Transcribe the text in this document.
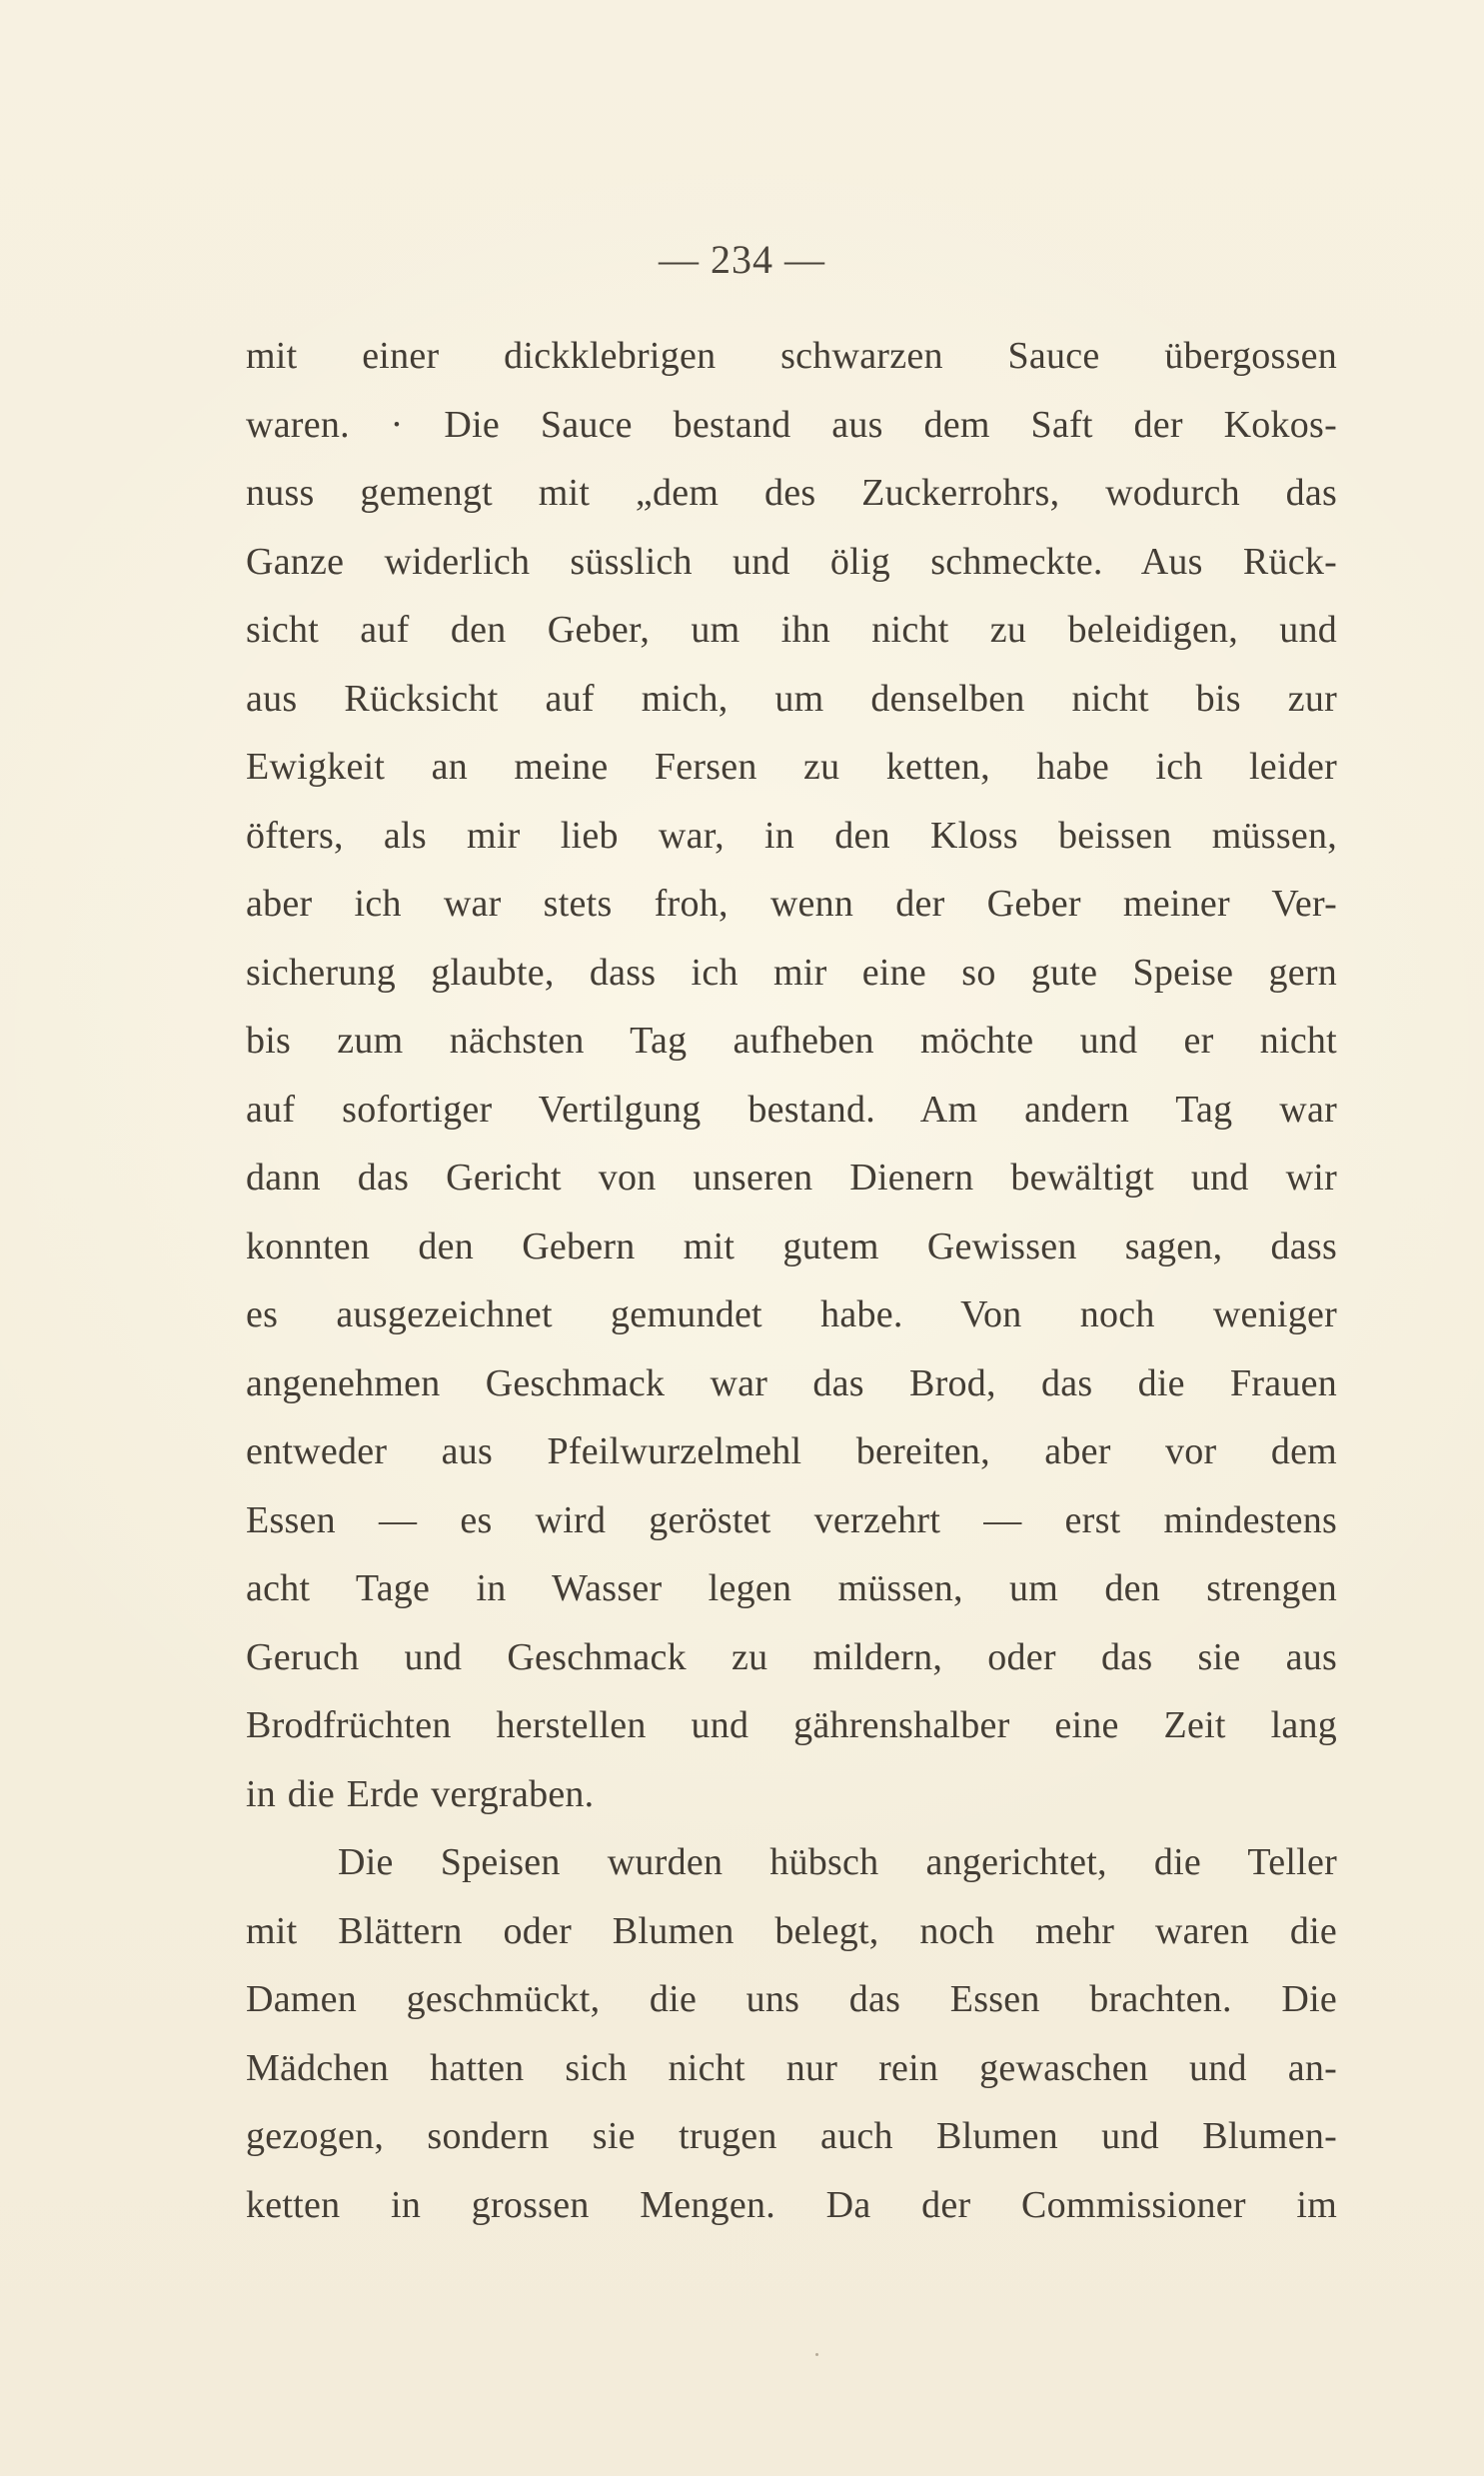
— 234 —
mit einer dickklebrigen schwarzen Sauce übergossen
waren. · Die Sauce bestand aus dem Saft der Kokos-
nuss gemengt mit „dem des Zuckerrohrs, wodurch das
Ganze widerlich süsslich und ölig schmeckte. Aus Rück-
sicht auf den Geber, um ihn nicht zu beleidigen, und
aus Rücksicht auf mich, um denselben nicht bis zur
Ewigkeit an meine Fersen zu ketten, habe ich leider
öfters, als mir lieb war, in den Kloss beissen müssen,
aber ich war stets froh, wenn der Geber meiner Ver-
sicherung glaubte, dass ich mir eine so gute Speise gern
bis zum nächsten Tag aufheben möchte und er nicht
auf sofortiger Vertilgung bestand. Am andern Tag war
dann das Gericht von unseren Dienern bewältigt und wir
konnten den Gebern mit gutem Gewissen sagen, dass
es ausgezeichnet gemundet habe. Von noch weniger
angenehmen Geschmack war das Brod, das die Frauen
entweder aus Pfeilwurzelmehl bereiten, aber vor dem
Essen — es wird geröstet verzehrt — erst mindestens
acht Tage in Wasser legen müssen, um den strengen
Geruch und Geschmack zu mildern, oder das sie aus
Brodfrüchten herstellen und gährenshalber eine Zeit lang
in die Erde vergraben.
Die Speisen wurden hübsch angerichtet, die Teller
mit Blättern oder Blumen belegt, noch mehr waren die
Damen geschmückt, die uns das Essen brachten. Die
Mädchen hatten sich nicht nur rein gewaschen und an-
gezogen, sondern sie trugen auch Blumen und Blumen-
ketten in grossen Mengen. Da der Commissioner im
